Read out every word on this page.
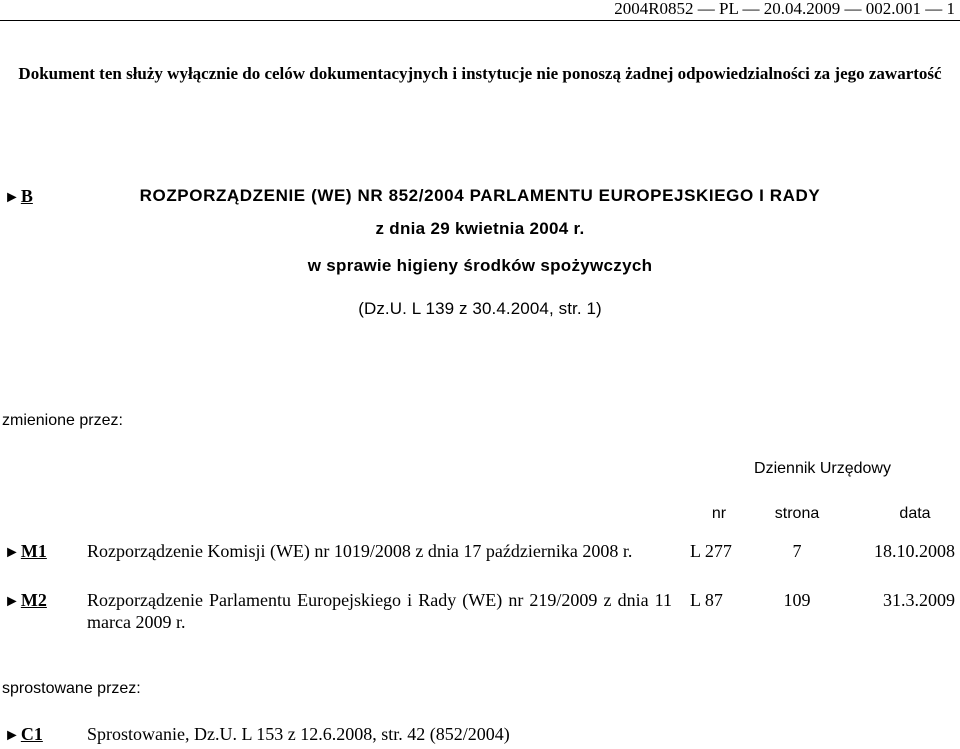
2004R0852 — PL — 20.04.2009 — 002.001 — 1
Dokument ten służy wyłącznie do celów dokumentacyjnych i instytucje nie ponoszą żadnej odpowiedzialności za jego zawartość
►B	ROZPORZĄDZENIE (WE) NR 852/2004 PARLAMENTU EUROPEJSKIEGO I RADY
z dnia 29 kwietnia 2004 r.
w sprawie higieny środków spożywczych
(Dz.U. L 139 z 30.4.2004, str. 1)
zmienione przez:
Dziennik Urzędowy
nr	strona	data
►M1 Rozporządzenie Komisji (WE) nr 1019/2008 z dnia 17 października 2008 r.	L 277	7	18.10.2008
►M2 Rozporządzenie Parlamentu Europejskiego i Rady (WE) nr 219/2009 z dnia 11 marca 2009 r.
L 87	109	31.3.2009
sprostowane przez:
►C1 Sprostowanie, Dz.U. L 153 z 12.6.2008, str. 42 (852/2004)
